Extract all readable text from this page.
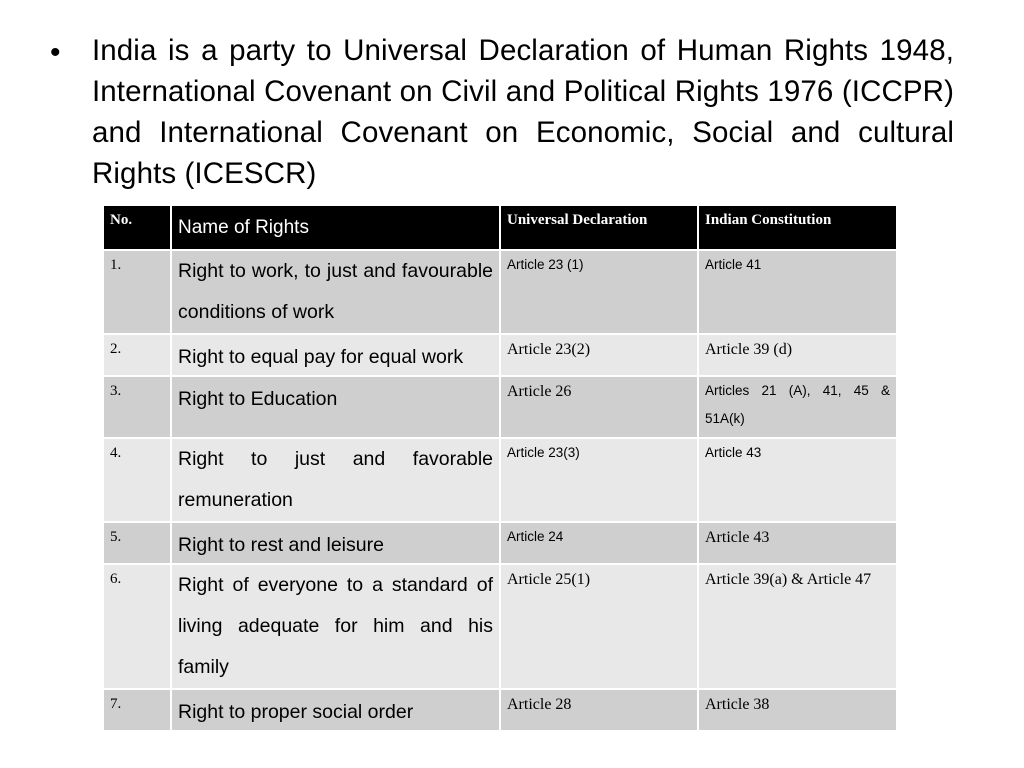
• India is a party to Universal Declaration of Human Rights 1948, International Covenant on Civil and Political Rights 1976 (ICCPR) and International Covenant on Economic, Social and cultural Rights (ICESCR)
No.	Name of Rights	Universal Declaration	Indian Constitution
1.	Right to work, to just and favourable conditions of work	Article 23 (1)	Article 41
2.	Right to equal pay for equal work	Article 23(2)	Article 39 (d)
3.	Right to Education	Article 26	Articles 21 (A), 41, 45 & 51A(k)
4.	Right to just and favorable remuneration	Article 23(3)	Article 43
5.	Right to rest and leisure	Article 24	Article 43
6.	Right of everyone to a standard of living adequate for him and his family	Article 25(1)	Article 39(a) & Article 47
7.	Right to proper social order	Article 28	Article 38
